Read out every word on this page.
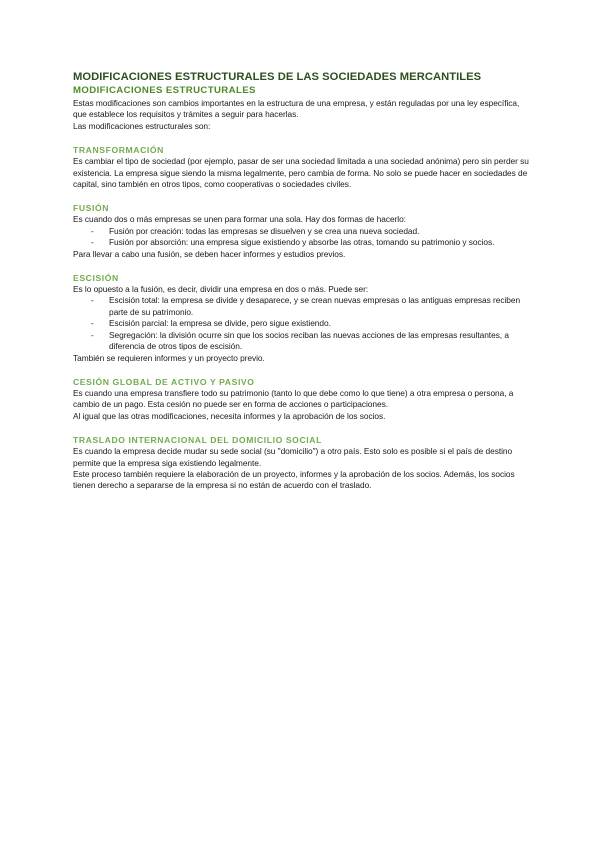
MODIFICACIONES ESTRUCTURALES DE LAS SOCIEDADES MERCANTILES
MODIFICACIONES ESTRUCTURALES

Estas modificaciones son cambios importantes en la estructura de una empresa, y están reguladas por una ley específica, que establece los requisitos y trámites a seguir para hacerlas.

Las modificaciones estructurales son:

TRANSFORMACIÓN

Es cambiar el tipo de sociedad (por ejemplo, pasar de ser una sociedad limitada a una sociedad anónima) pero sin perder su existencia. La empresa sigue siendo la misma legalmente, pero cambia de forma. No solo se puede hacer en sociedades de capital, sino también en otros tipos, como cooperativas o sociedades civiles.

FUSIÓN

Es cuando dos o más empresas se unen para formar una sola. Hay dos formas de hacerlo:

- Fusión por creación: todas las empresas se disuelven y se crea una nueva sociedad.
- Fusión por absorción: una empresa sigue existiendo y absorbe las otras, tomando su patrimonio y socios.

Para llevar a cabo una fusión, se deben hacer informes y estudios previos.

ESCISIÓN

Es lo opuesto a la fusión, es decir, dividir una empresa en dos o más. Puede ser:

- Escisión total: la empresa se divide y desaparece, y se crean nuevas empresas o las antiguas empresas reciben parte de su patrimonio.
- Escisión parcial: la empresa se divide, pero sigue existiendo.
- Segregación: la división ocurre sin que los socios reciban las nuevas acciones de las empresas resultantes, a diferencia de otros tipos de escisión.

También se requieren informes y un proyecto previo.

CESIÓN GLOBAL DE ACTIVO Y PASIVO

Es cuando una empresa transfiere todo su patrimonio (tanto lo que debe como lo que tiene) a otra empresa o persona, a cambio de un pago. Esta cesión no puede ser en forma de acciones o participaciones.

Al igual que las otras modificaciones, necesita informes y la aprobación de los socios.

TRASLADO INTERNACIONAL DEL DOMICILIO SOCIAL

Es cuando la empresa decide mudar su sede social (su "domicilio") a otro país. Esto solo es posible si el país de destino permite que la empresa siga existiendo legalmente.

Este proceso también requiere la elaboración de un proyecto, informes y la aprobación de los socios. Además, los socios tienen derecho a separarse de la empresa si no están de acuerdo con el traslado.
